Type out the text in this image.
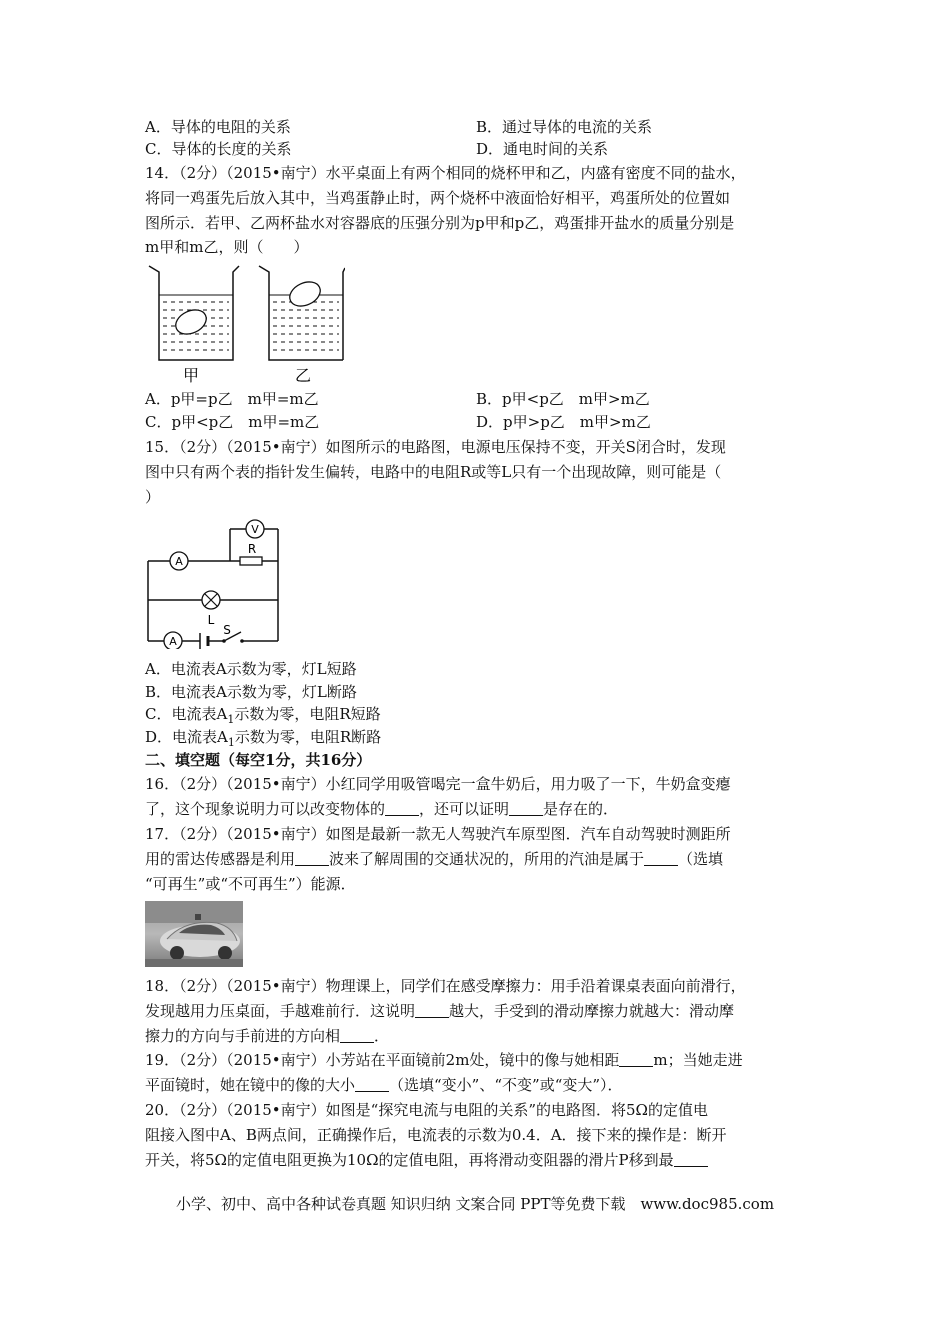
A．导体的电阻的关系	B．通过导体的电流的关系
C．导体的长度的关系	D．通电时间的关系
14．（2分）（2015•南宁）水平桌面上有两个相同的烧杯甲和乙，内盛有密度不同的盐水，
将同一鸡蛋先后放入其中，当鸡蛋静止时，两个烧杯中液面恰好相平，鸡蛋所处的位置如
图所示．若甲、乙两杯盐水对容器底的压强分别为p甲和p乙，鸡蛋排开盐水的质量分别是
m甲和m乙，则（　　）
甲	乙
A．p甲=p乙　m甲=m乙	B．p甲<p乙　m甲>m乙
C．p甲<p乙　m甲=m乙	D．p甲>p乙　m甲>m乙
15．（2分）（2015•南宁）如图所示的电路图，电源电压保持不变，开关S闭合时，发现
图中只有两个表的指针发生偏转，电路中的电阻R或等L只有一个出现故障，则可能是（
）
V
R
A
L
A
S
A．电流表A示数为零，灯L短路
B．电流表A示数为零，灯L断路
C．电流表$A_1$示数为零，电阻R短路
D．电流表$A_1$示数为零，电阻R断路
二、填空题（每空1分，共16分）
16．（2分）（2015•南宁）小红同学用吸管喝完一盒牛奶后，用力吸了一下，牛奶盒变瘪
了，这个现象说明力可以改变物体的 ，还可以证明 是存在的．
17．（2分）（2015•南宁）如图是最新一款无人驾驶汽车原型图．汽车自动驾驶时测距所
用的雷达传感器是利用 波来了解周围的交通状况的，所用的汽油是属于 （选填
“可再生”或“不可再生”）能源．
18．（2分）（2015•南宁）物理课上，同学们在感受摩擦力：用手沿着课桌表面向前滑行，
发现越用力压桌面，手越难前行．这说明 越大，手受到的滑动摩擦力就越大：滑动摩
擦力的方向与手前进的方向相 ．
19．（2分）（2015•南宁）小芳站在平面镜前2m处，镜中的像与她相距 m；当她走进
平面镜时，她在镜中的像的大小 （选填“变小”、“不变”或“变大”）．
20．（2分）（2015•南宁）如图是“探究电流与电阻的关系”的电路图．将5Ω的定值电
阻接入图中A、B两点间，正确操作后，电流表的示数为0.4．A．接下来的操作是：断开
开关，将5Ω的定值电阻更换为10Ω的定值电阻，再将滑动变阻器的滑片P移到最
小学、初中、高中各种试卷真题 知识归纳 文案合同 PPT等免费下载　www.doc985.com
